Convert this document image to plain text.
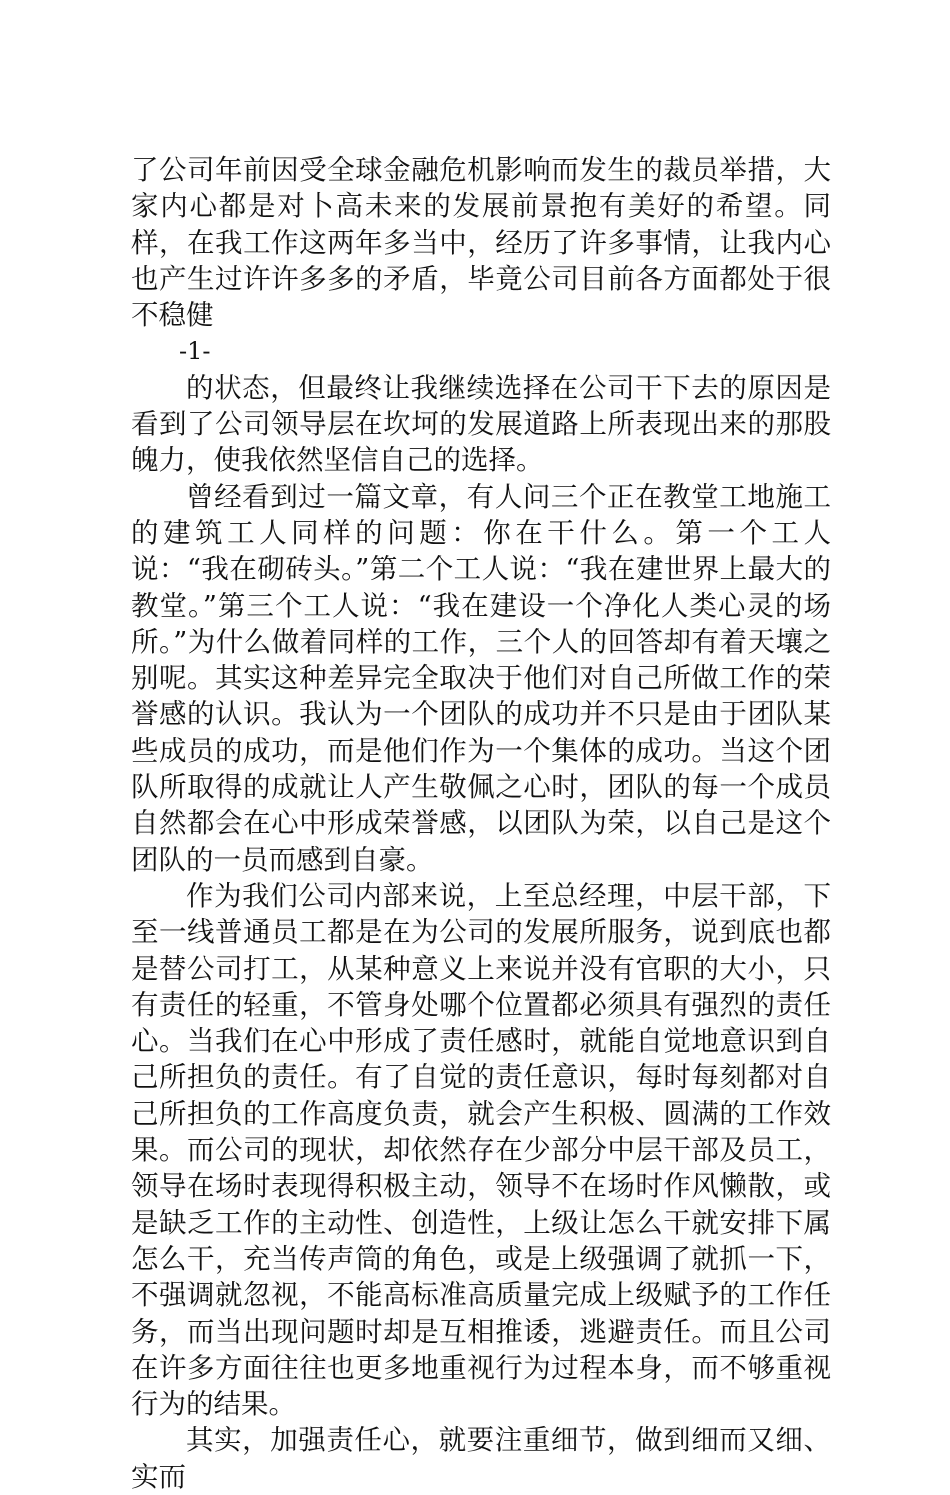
了公司年前因受全球金融危机影响而发生的裁员举措，大家内心都是对卜高未来的发展前景抱有美好的希望。同样，在我工作这两年多当中，经历了许多事情，让我内心也产生过许许多多的矛盾，毕竟公司目前各方面都处于很不稳健

-1-

的状态，但最终让我继续选择在公司干下去的原因是看到了公司领导层在坎坷的发展道路上所表现出来的那股魄力，使我依然坚信自己的选择。

曾经看到过一篇文章，有人问三个正在教堂工地施工的建筑工人同样的问题：你在干什么。第一个工人说：“我在砌砖头。”第二个工人说：“我在建世界上最大的教堂。”第三个工人说：“我在建设一个净化人类心灵的场所。”为什么做着同样的工作，三个人的回答却有着天壤之别呢。其实这种差异完全取决于他们对自己所做工作的荣誉感的认识。我认为一个团队的成功并不只是由于团队某些成员的成功，而是他们作为一个集体的成功。当这个团队所取得的成就让人产生敬佩之心时，团队的每一个成员自然都会在心中形成荣誉感，以团队为荣，以自己是这个团队的一员而感到自豪。

作为我们公司内部来说，上至总经理，中层干部，下至一线普通员工都是在为公司的发展所服务，说到底也都是替公司打工，从某种意义上来说并没有官职的大小，只有责任的轻重，不管身处哪个位置都必须具有强烈的责任心。当我们在心中形成了责任感时，就能自觉地意识到自己所担负的责任。有了自觉的责任意识，每时每刻都对自己所担负的工作高度负责，就会产生积极、圆满的工作效果。而公司的现状，却依然存在少部分中层干部及员工，领导在场时表现得积极主动，领导不在场时作风懒散，或是缺乏工作的主动性、创造性，上级让怎么干就安排下属怎么干，充当传声筒的角色，或是上级强调了就抓一下，不强调就忽视，不能高标准高质量完成上级赋予的工作任务，而当出现问题时却是互相推诿，逃避责任。而且公司在许多方面往往也更多地重视行为过程本身，而不够重视行为的结果。

其实，加强责任心，就要注重细节，做到细而又细、实而
